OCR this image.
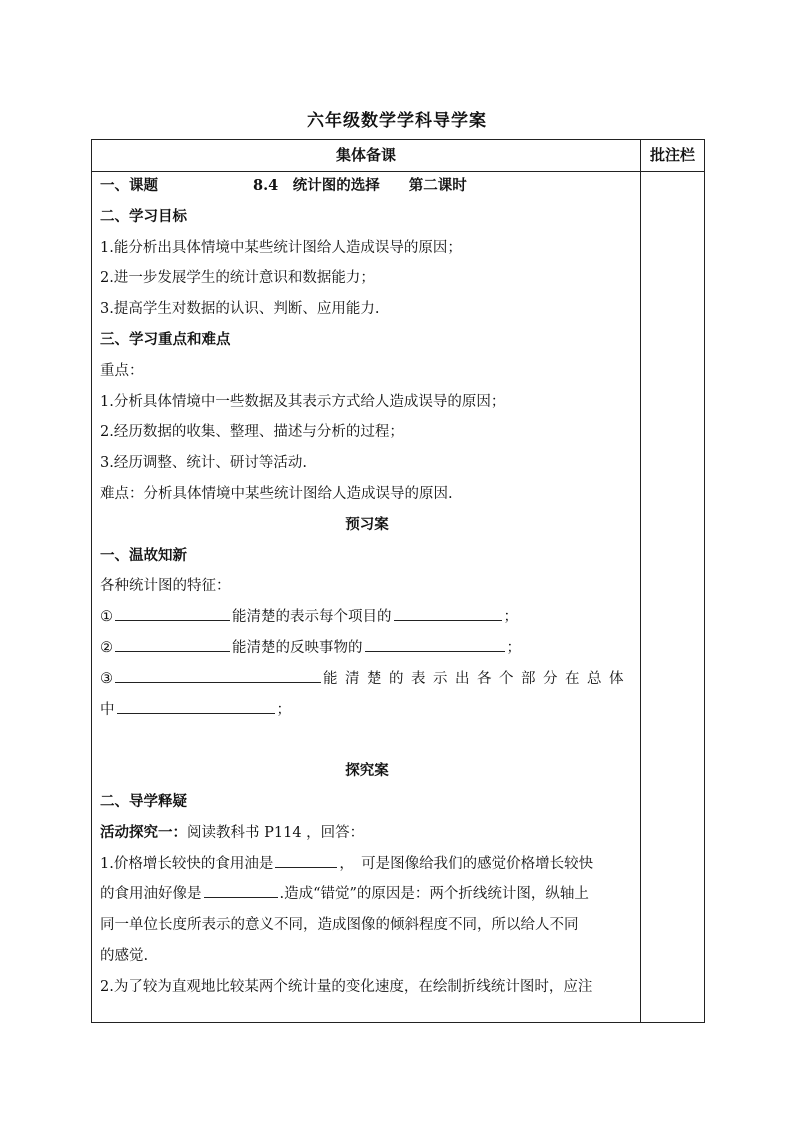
六年级数学学科导学案
集体备课	批注栏
一、课题	8.4　统计图的选择　　第二课时
二、学习目标
1.能分析出具体情境中某些统计图给人造成误导的原因；
2.进一步发展学生的统计意识和数据能力；
3.提高学生对数据的认识、判断、应用能力.
三、学习重点和难点
重点：
1.分析具体情境中一些数据及其表示方式给人造成误导的原因；
2.经历数据的收集、整理、描述与分析的过程；
3.经历调整、统计、研讨等活动.
难点：分析具体情境中某些统计图给人造成误导的原因.
预习案
一、温故知新
各种统计图的特征：
①	能清楚的表示每个项目的	；
②	能清楚的反映事物的	；
③	能清楚的表示出各个部分在总体
中	；
探究案
二、导学释疑
活动探究一：阅读教科书 P114 ，回答：
1.价格增长较快的食用油是	，　可是图像给我们的感觉价格增长较快
的食用油好像是	.造成“错觉”的原因是：两个折线统计图，纵轴上
同一单位长度所表示的意义不同，造成图像的倾斜程度不同，所以给人不同
的感觉.
2.为了较为直观地比较某两个统计量的变化速度，在绘制折线统计图时，应注
